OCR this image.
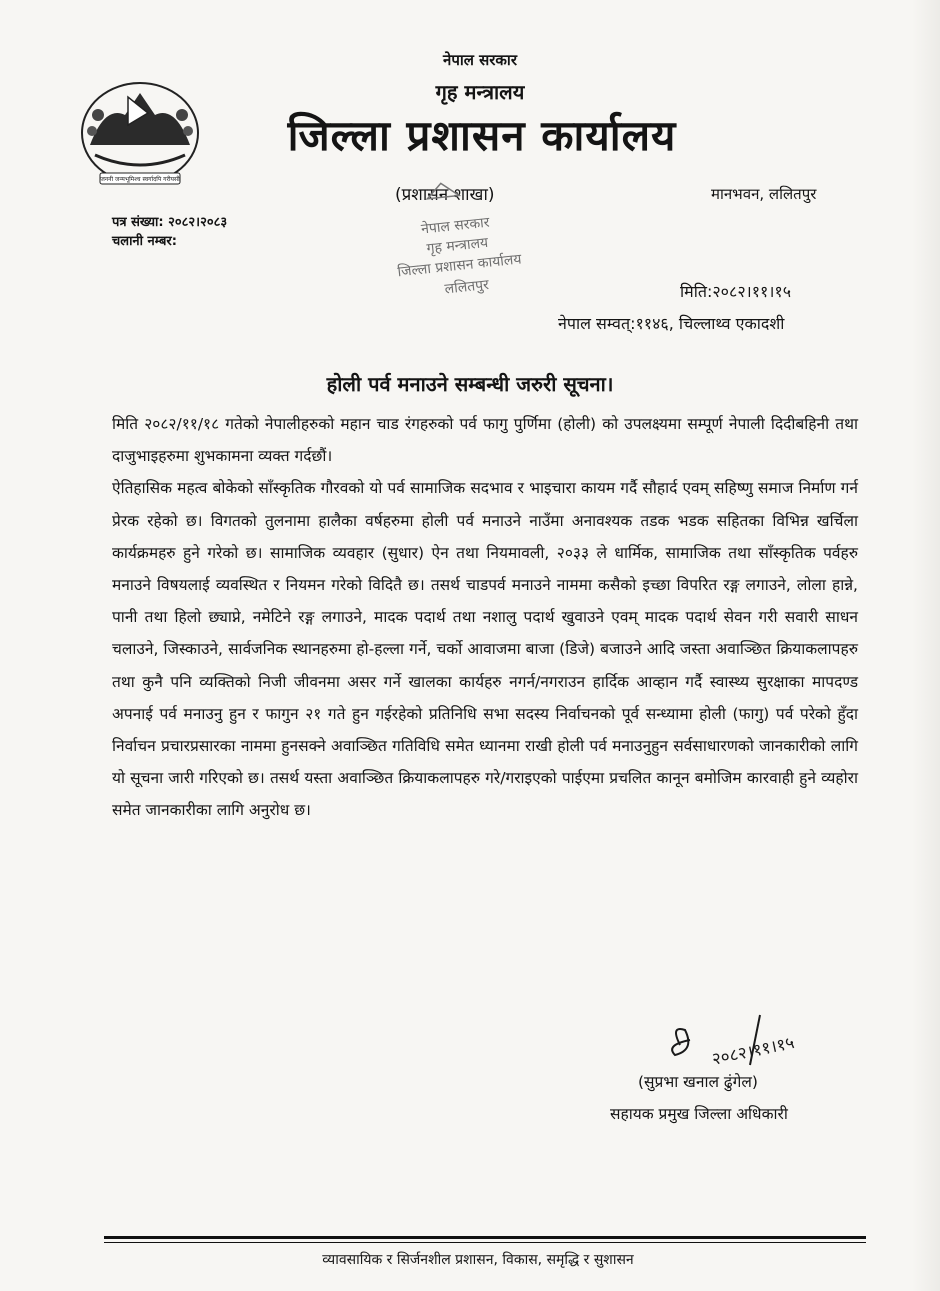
जननी जन्मभूमिश्च स्वर्गादपि गरीयसी
नेपाल सरकार
गृह मन्त्रालय
जिल्ला प्रशासन कार्यालय
(प्रशासन शाखा)	मानभवन, ललितपुर
पत्र संख्या: २०८२।२०८३
चलानी नम्बर:
नेपाल सरकार
गृह मन्त्रालय
जिल्ला प्रशासन कार्यालय
ललितपुर	मिति:२०८२।११।१५
नेपाल सम्वत्:११४६, चिल्लाथ्व एकादशी
होली पर्व मनाउने सम्बन्धी जरुरी सूचना।

मिति २०८२/११/१८ गतेको नेपालीहरुको महान चाड रंगहरुको पर्व फागु पुर्णिमा (होली) को उपलक्ष्यमा सम्पूर्ण नेपाली दिदीबहिनी तथा दाजुभाइहरुमा शुभकामना व्यक्त गर्दछौं।

ऐतिहासिक महत्व बोकेको साँस्कृतिक गौरवको यो पर्व सामाजिक सदभाव र भाइचारा कायम गर्दै सौहार्द एवम् सहिष्णु समाज निर्माण गर्न प्रेरक रहेको छ। विगतको तुलनामा हालैका वर्षहरुमा होली पर्व मनाउने नाउँमा अनावश्यक तडक भडक सहितका विभिन्न खर्चिला कार्यक्रमहरु हुने गरेको छ। सामाजिक व्यवहार (सुधार) ऐन तथा नियमावली, २०३३ ले धार्मिक, सामाजिक तथा साँस्कृतिक पर्वहरु मनाउने विषयलाई व्यवस्थित र नियमन गरेको विदितै छ। तसर्थ चाडपर्व मनाउने नाममा कसैको इच्छा विपरित रङ्ग लगाउने, लोला हान्ने, पानी तथा हिलो छ्याप्ने, नमेटिने रङ्ग लगाउने, मादक पदार्थ तथा नशालु पदार्थ खुवाउने एवम् मादक पदार्थ सेवन गरी सवारी साधन चलाउने, जिस्काउने, सार्वजनिक स्थानहरुमा हो-हल्ला गर्ने, चर्को आवाजमा बाजा (डिजे) बजाउने आदि जस्ता अवाञ्छित क्रियाकलापहरु तथा कुनै पनि व्यक्तिको निजी जीवनमा असर गर्ने खालका कार्यहरु नगर्न/नगराउन हार्दिक आव्हान गर्दै स्वास्थ्य सुरक्षाका मापदण्ड अपनाई पर्व मनाउनु हुन र फागुन २१ गते हुन गईरहेको प्रतिनिधि सभा सदस्य निर्वाचनको पूर्व सन्ध्यामा होली (फागु) पर्व परेको हुँदा निर्वाचन प्रचारप्रसारका नाममा हुनसक्ने अवाञ्छित गतिविधि समेत ध्यानमा राखी होली पर्व मनाउनुहुन सर्वसाधारणको जानकारीको लागि यो सूचना जारी गरिएको छ। तसर्थ यस्ता अवाञ्छित क्रियाकलापहरु गरे/गराइएको पाईएमा प्रचलित कानून बमोजिम कारवाही हुने व्यहोरा समेत जानकारीका लागि अनुरोध छ।

२०८२।११।१५
(सुप्रभा खनाल ढुंगेल)
सहायक प्रमुख जिल्ला अधिकारी
व्यावसायिक र सिर्जनशील प्रशासन, विकास, समृद्धि र सुशासन
